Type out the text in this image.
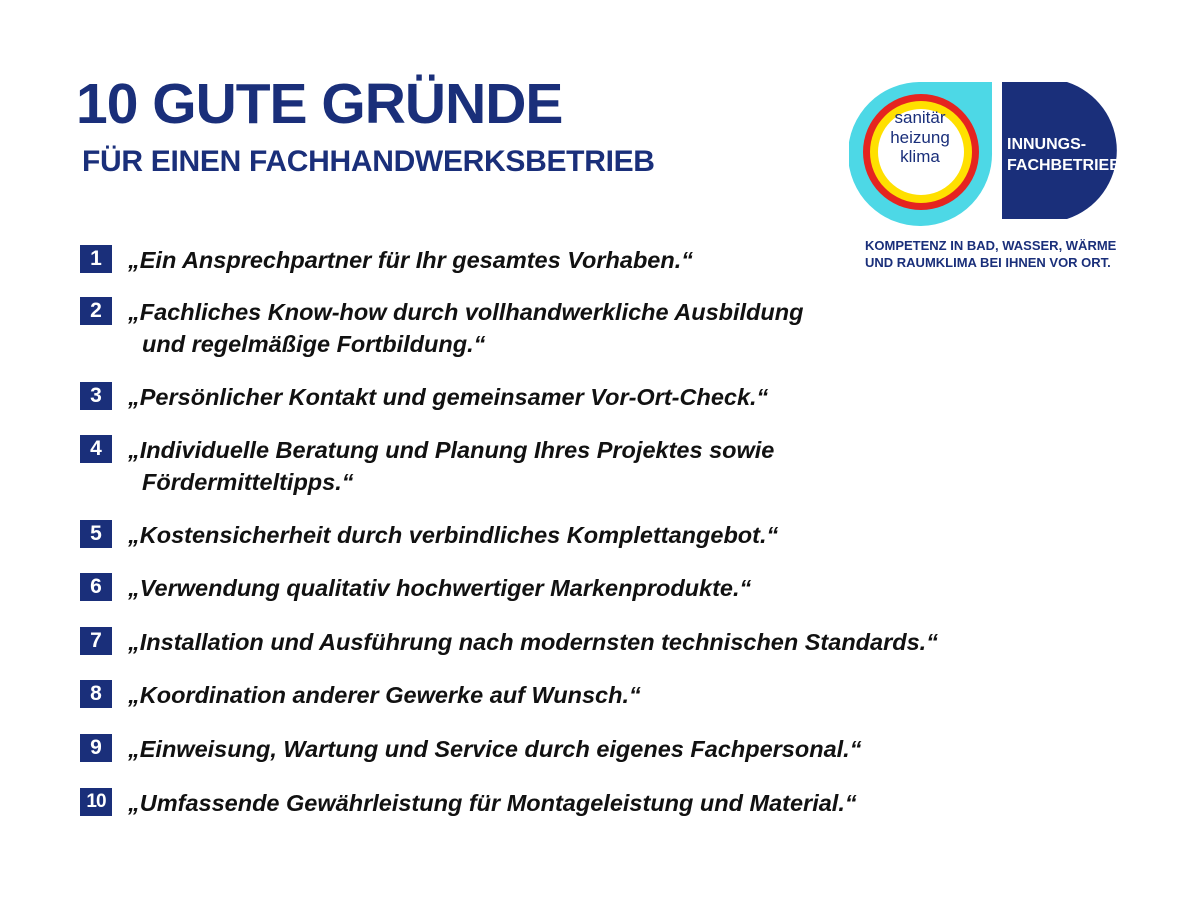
10 GUTE GRÜNDE
FÜR EINEN FACHHANDWERKSBETRIEB
sanitär
heizung
klima
INNUNGS-
FACHBETRIEB
KOMPETENZ IN BAD, WASSER, WÄRME
UND RAUMKLIMA BEI IHNEN VOR ORT.
1	„Ein Ansprechpartner für Ihr gesamtes Vorhaben.“
2	„Fachliches Know-how durch vollhandwerkliche Ausbildung
und regelmäßige Fortbildung.“
3	„Persönlicher Kontakt und gemeinsamer Vor-Ort-Check.“
4	„Individuelle Beratung und Planung Ihres Projektes sowie
Fördermitteltipps.“
5	„Kostensicherheit durch verbindliches Komplettangebot.“
6	„Verwendung qualitativ hochwertiger Markenprodukte.“
7	„Installation und Ausführung nach modernsten technischen Standards.“
8	„Koordination anderer Gewerke auf Wunsch.“
9	„Einweisung, Wartung und Service durch eigenes Fachpersonal.“
10 „Umfassende Gewährleistung für Montageleistung und Material.“
